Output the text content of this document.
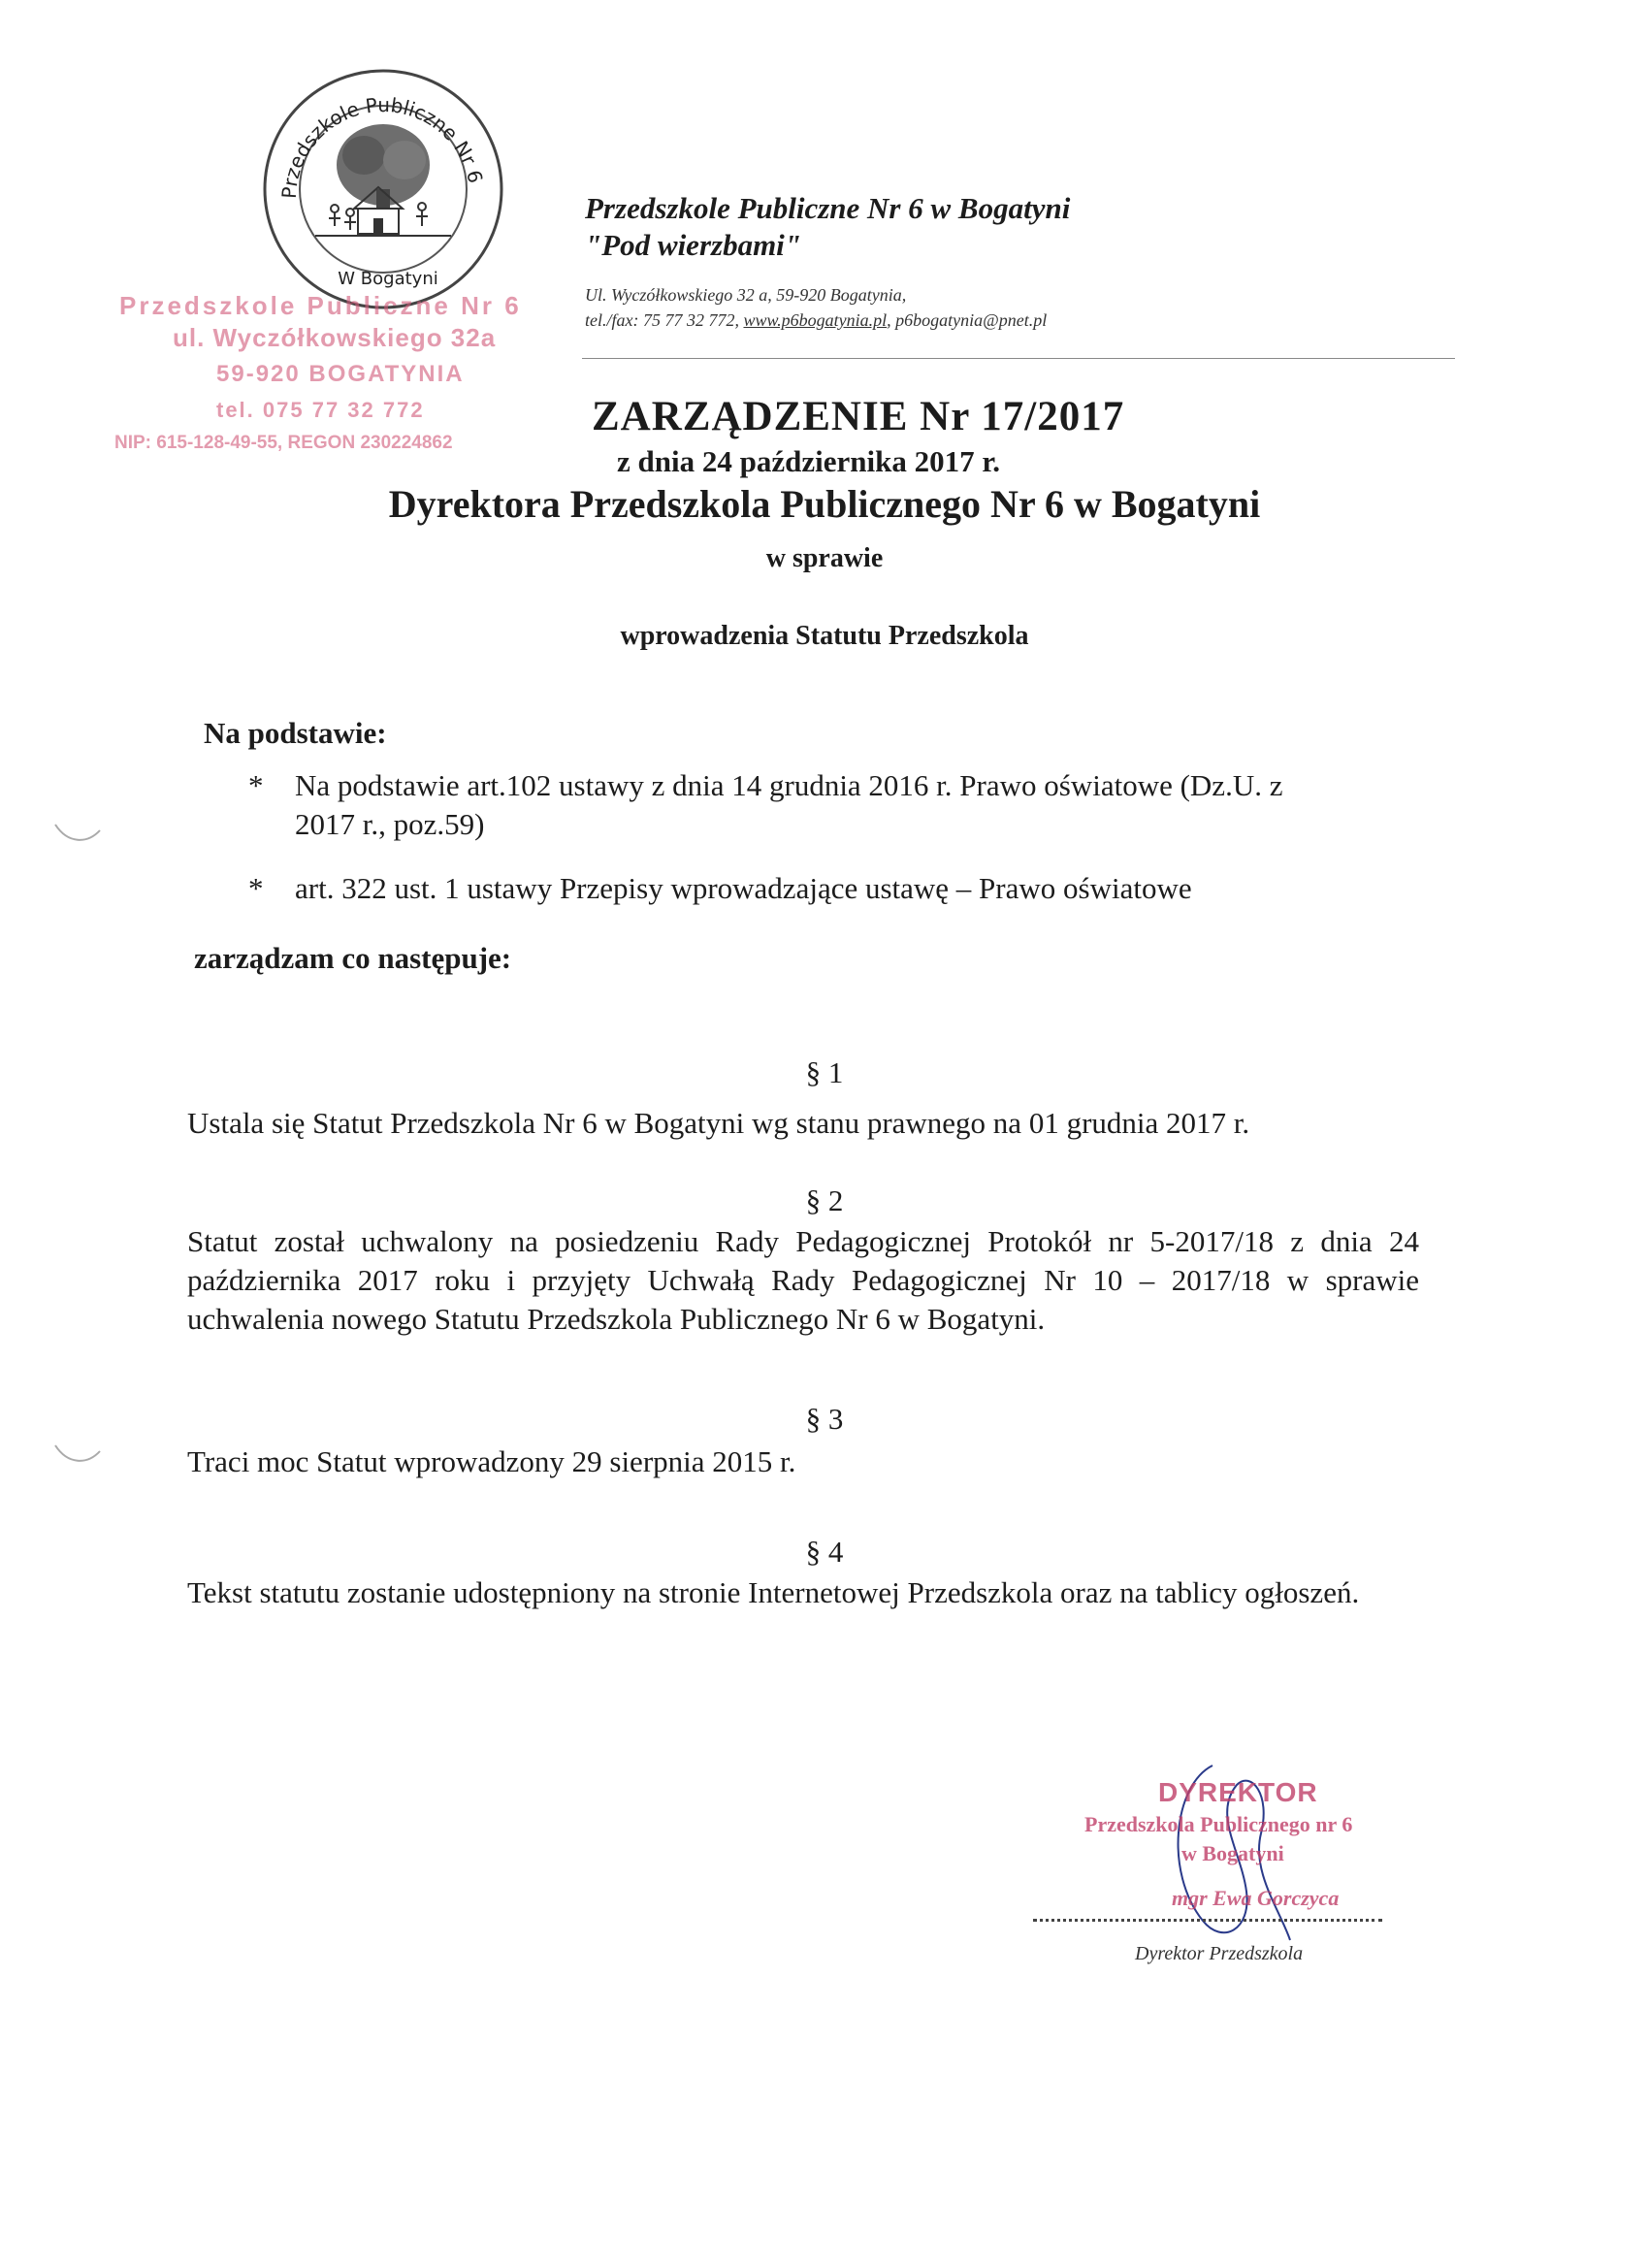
Przedszkole Publiczne Nr 6
W Bogatyni
Przedszkole Publiczne Nr 6 w Bogatyni
"Pod wierzbami"
Ul. Wyczółkowskiego 32 a, 59-920 Bogatynia,
tel./fax: 75 77 32 772, www.p6bogatynia.pl, p6bogatynia@pnet.pl
Przedszkole Publiczne Nr 6
ul. Wyczółkowskiego 32a
59-920 BOGATYNIA
tel. 075 77 32 772
NIP: 615-128-49-55, REGON 230224862
ZARZĄDZENIE Nr 17/2017
z dnia 24 października 2017 r.
Dyrektora Przedszkola Publicznego Nr 6 w Bogatyni
w sprawie
wprowadzenia Statutu Przedszkola
Na podstawie:
* Na podstawie art.102 ustawy z dnia 14 grudnia 2016 r. Prawo oświatowe (Dz.U. z 2017 r., poz.59)
* art. 322 ust. 1 ustawy Przepisy wprowadzające ustawę – Prawo oświatowe
zarządzam co następuje:
§ 1
Ustala się Statut Przedszkola Nr 6 w Bogatyni wg stanu prawnego na 01 grudnia 2017 r.
§ 2
Statut został uchwalony na posiedzeniu Rady Pedagogicznej Protokół nr 5-2017/18 z dnia 24 października 2017 roku i przyjęty Uchwałą Rady Pedagogicznej Nr 10 – 2017/18 w sprawie uchwalenia nowego Statutu Przedszkola Publicznego Nr 6 w Bogatyni.
§ 3
Traci moc Statut wprowadzony 29 sierpnia 2015 r.
§ 4
Tekst statutu zostanie udostępniony na stronie Internetowej Przedszkola oraz na tablicy ogłoszeń.
DYREKTOR
Przedszkola Publicznego nr 6
w Bogatyni
mgr Ewa Gorczyca
Dyrektor Przedszkola
